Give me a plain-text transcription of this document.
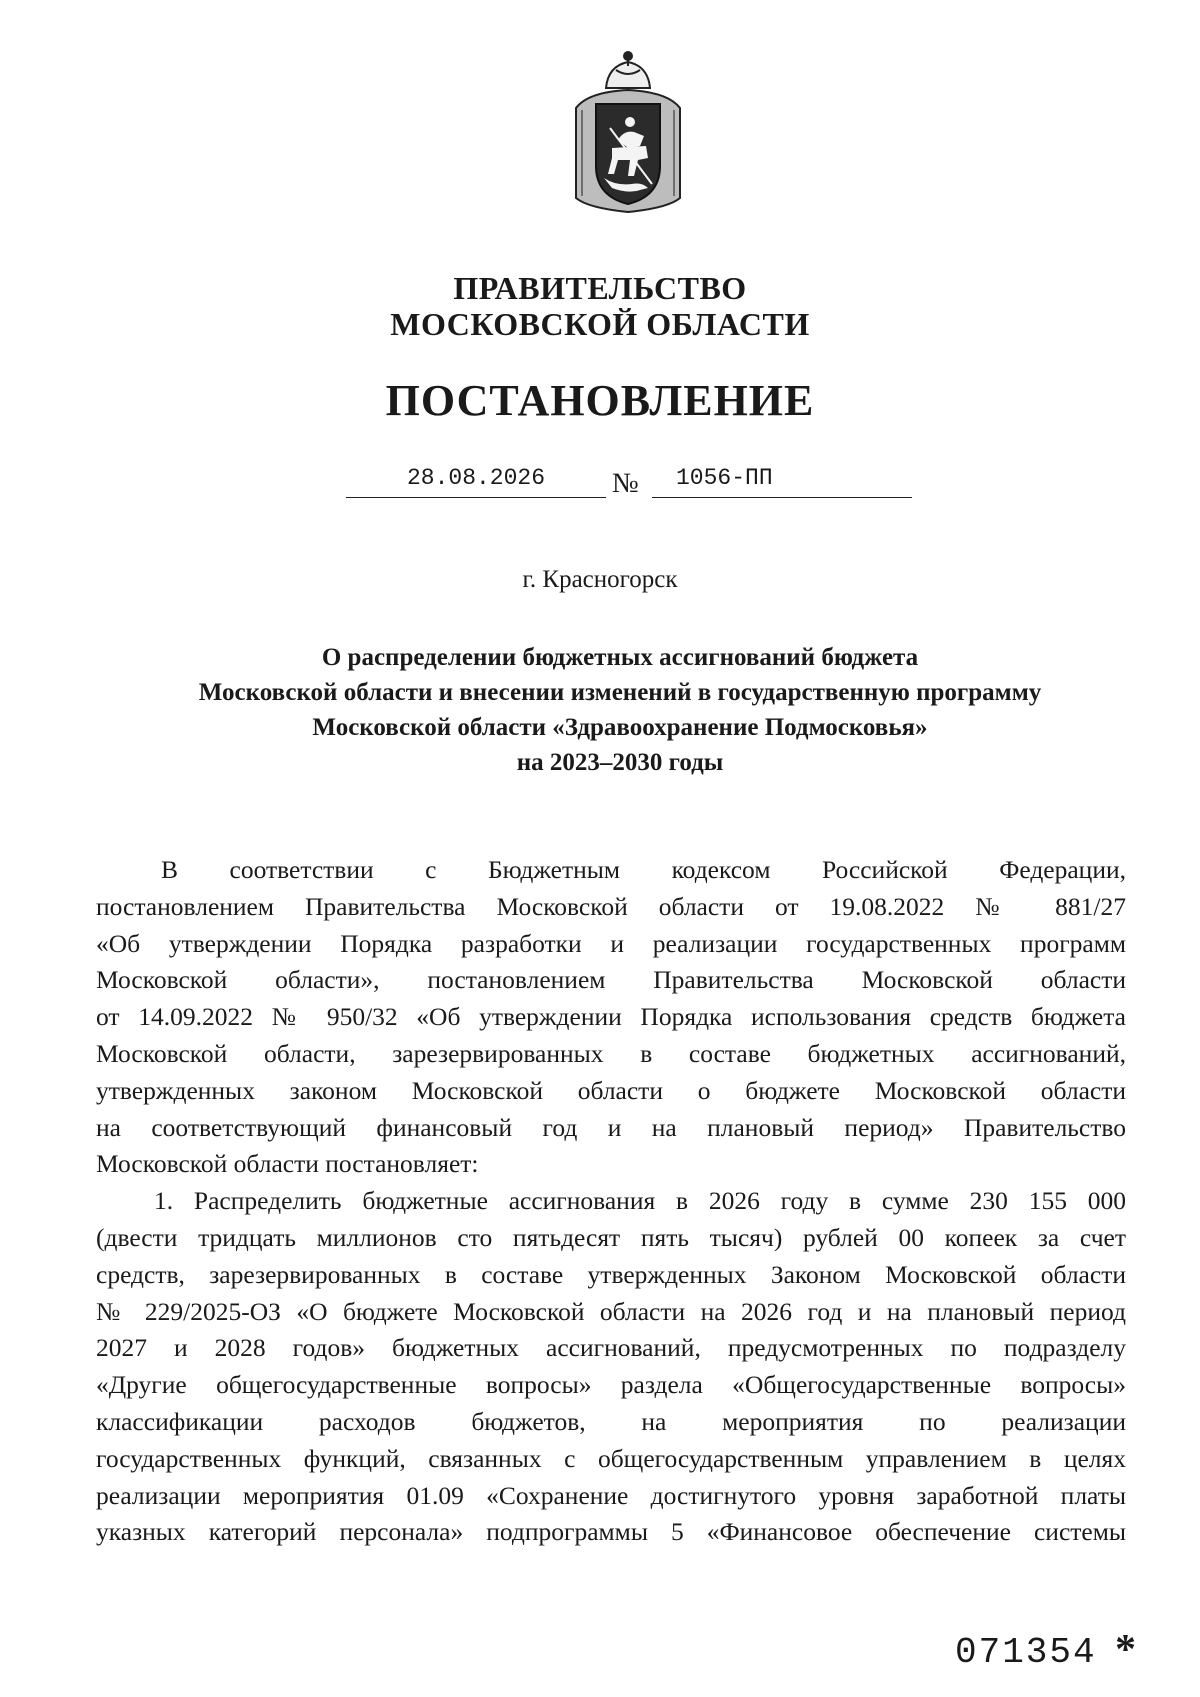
ПРАВИТЕЛЬСТВО
МОСКОВСКОЙ ОБЛАСТИ
ПОСТАНОВЛЕНИЕ
28.08.2026	№	1056-ПП
г. Красногорск
О распределении бюджетных ассигнований бюджета
Московской области и внесении изменений в государственную программу
Московской области «Здравоохранение Подмосковья»
на 2023–2030 годы
В соответствии с Бюджетным кодексом Российской Федерации,
постановлением Правительства Московской области от 19.08.2022 № 881/27
«Об утверждении Порядка разработки и реализации государственных программ
Московской области», постановлением Правительства Московской области
от 14.09.2022 № 950/32 «Об утверждении Порядка использования средств бюджета
Московской области, зарезервированных в составе бюджетных ассигнований,
утвержденных законом Московской области о бюджете Московской области
на соответствующий финансовый год и на плановый период» Правительство
Московской области постановляет:
1. Распределить бюджетные ассигнования в 2026 году в сумме 230 155 000
(двести тридцать миллионов сто пятьдесят пять тысяч) рублей 00 копеек за счет
средств, зарезервированных в составе утвержденных Законом Московской области
№ 229/2025-ОЗ «О бюджете Московской области на 2026 год и на плановый период
2027 и 2028 годов» бюджетных ассигнований, предусмотренных по подразделу
«Другие общегосударственные вопросы» раздела «Общегосударственные вопросы»
классификации расходов бюджетов, на мероприятия по реализации
государственных функций, связанных с общегосударственным управлением в целях
реализации мероприятия 01.09 «Сохранение достигнутого уровня заработной платы
указных категорий персонала» подпрограммы 5 «Финансовое обеспечение системы
071354 *
